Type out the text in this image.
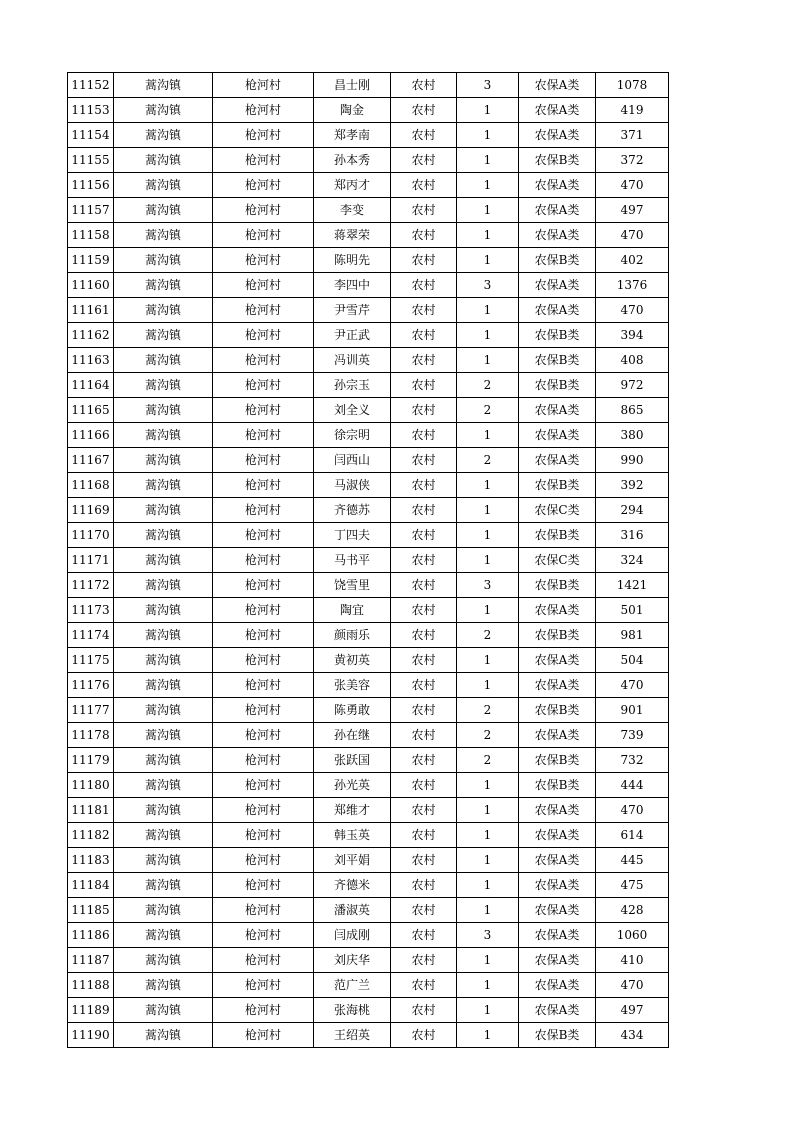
11152	蒿沟镇	枪河村	昌士刚	农村	3	农保A类	1078
11153	蒿沟镇	枪河村	陶金	农村	1	农保A类	419
11154	蒿沟镇	枪河村	郑孝南	农村	1	农保A类	371
11155	蒿沟镇	枪河村	孙本秀	农村	1	农保B类	372
11156	蒿沟镇	枪河村	郑丙才	农村	1	农保A类	470
11157	蒿沟镇	枪河村	李变	农村	1	农保A类	497
11158	蒿沟镇	枪河村	蒋翠荣	农村	1	农保A类	470
11159	蒿沟镇	枪河村	陈明先	农村	1	农保B类	402
11160	蒿沟镇	枪河村	李四中	农村	3	农保A类	1376
11161	蒿沟镇	枪河村	尹雪芹	农村	1	农保A类	470
11162	蒿沟镇	枪河村	尹正武	农村	1	农保B类	394
11163	蒿沟镇	枪河村	冯训英	农村	1	农保B类	408
11164	蒿沟镇	枪河村	孙宗玉	农村	2	农保B类	972
11165	蒿沟镇	枪河村	刘全义	农村	2	农保A类	865
11166	蒿沟镇	枪河村	徐宗明	农村	1	农保A类	380
11167	蒿沟镇	枪河村	闫西山	农村	2	农保A类	990
11168	蒿沟镇	枪河村	马淑侠	农村	1	农保B类	392
11169	蒿沟镇	枪河村	齐德苏	农村	1	农保C类	294
11170	蒿沟镇	枪河村	丁四夫	农村	1	农保B类	316
11171	蒿沟镇	枪河村	马书平	农村	1	农保C类	324
11172	蒿沟镇	枪河村	饶雪里	农村	3	农保B类	1421
11173	蒿沟镇	枪河村	陶宜	农村	1	农保A类	501
11174	蒿沟镇	枪河村	颜雨乐	农村	2	农保B类	981
11175	蒿沟镇	枪河村	黄初英	农村	1	农保A类	504
11176	蒿沟镇	枪河村	张美容	农村	1	农保A类	470
11177	蒿沟镇	枪河村	陈勇敢	农村	2	农保B类	901
11178	蒿沟镇	枪河村	孙在继	农村	2	农保A类	739
11179	蒿沟镇	枪河村	张跃国	农村	2	农保B类	732
11180	蒿沟镇	枪河村	孙光英	农村	1	农保B类	444
11181	蒿沟镇	枪河村	郑维才	农村	1	农保A类	470
11182	蒿沟镇	枪河村	韩玉英	农村	1	农保A类	614
11183	蒿沟镇	枪河村	刘平娟	农村	1	农保A类	445
11184	蒿沟镇	枪河村	齐德米	农村	1	农保A类	475
11185	蒿沟镇	枪河村	潘淑英	农村	1	农保A类	428
11186	蒿沟镇	枪河村	闫成刚	农村	3	农保A类	1060
11187	蒿沟镇	枪河村	刘庆华	农村	1	农保A类	410
11188	蒿沟镇	枪河村	范广兰	农村	1	农保A类	470
11189	蒿沟镇	枪河村	张海桃	农村	1	农保A类	497
11190	蒿沟镇	枪河村	王绍英	农村	1	农保B类	434
